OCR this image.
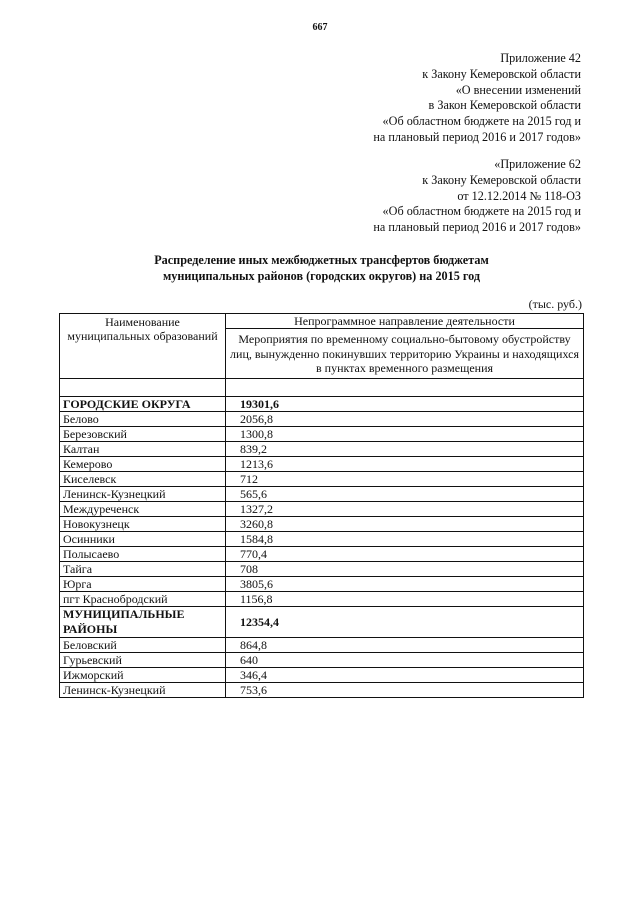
667
Приложение 42
к Закону Кемеровской области
«О внесении изменений
в Закон Кемеровской области
«Об областном бюджете на 2015 год и
на плановый период 2016 и 2017 годов»
«Приложение 62
к Закону Кемеровской области
от 12.12.2014 № 118-ОЗ
«Об областном бюджете на 2015 год и
на плановый период 2016 и 2017 годов»
Распределение иных межбюджетных трансфертов бюджетам
муниципальных районов (городских округов) на 2015 год
(тыс. руб.)
Наименование муниципальных образований	Непрограммное направление деятельности
	Мероприятия по временному социально-бытовому обустройству лиц, вынужденно покинувших территорию Украины и находящихся в пунктах временного размещения

ГОРОДСКИЕ ОКРУГА	19301,6
Белово	2056,8
Березовский	1300,8
Калтан	839,2
Кемерово	1213,6
Киселевск	712
Ленинск-Кузнецкий	565,6
Междуреченск	1327,2
Новокузнецк	3260,8
Осинники	1584,8
Полысаево	770,4
Тайга	708
Юрга	3805,6
пгт Краснобродский	1156,8
МУНИЦИПАЛЬНЫЕ РАЙОНЫ	12354,4
Беловский	864,8
Гурьевский	640
Ижморский	346,4
Ленинск-Кузнецкий	753,6
